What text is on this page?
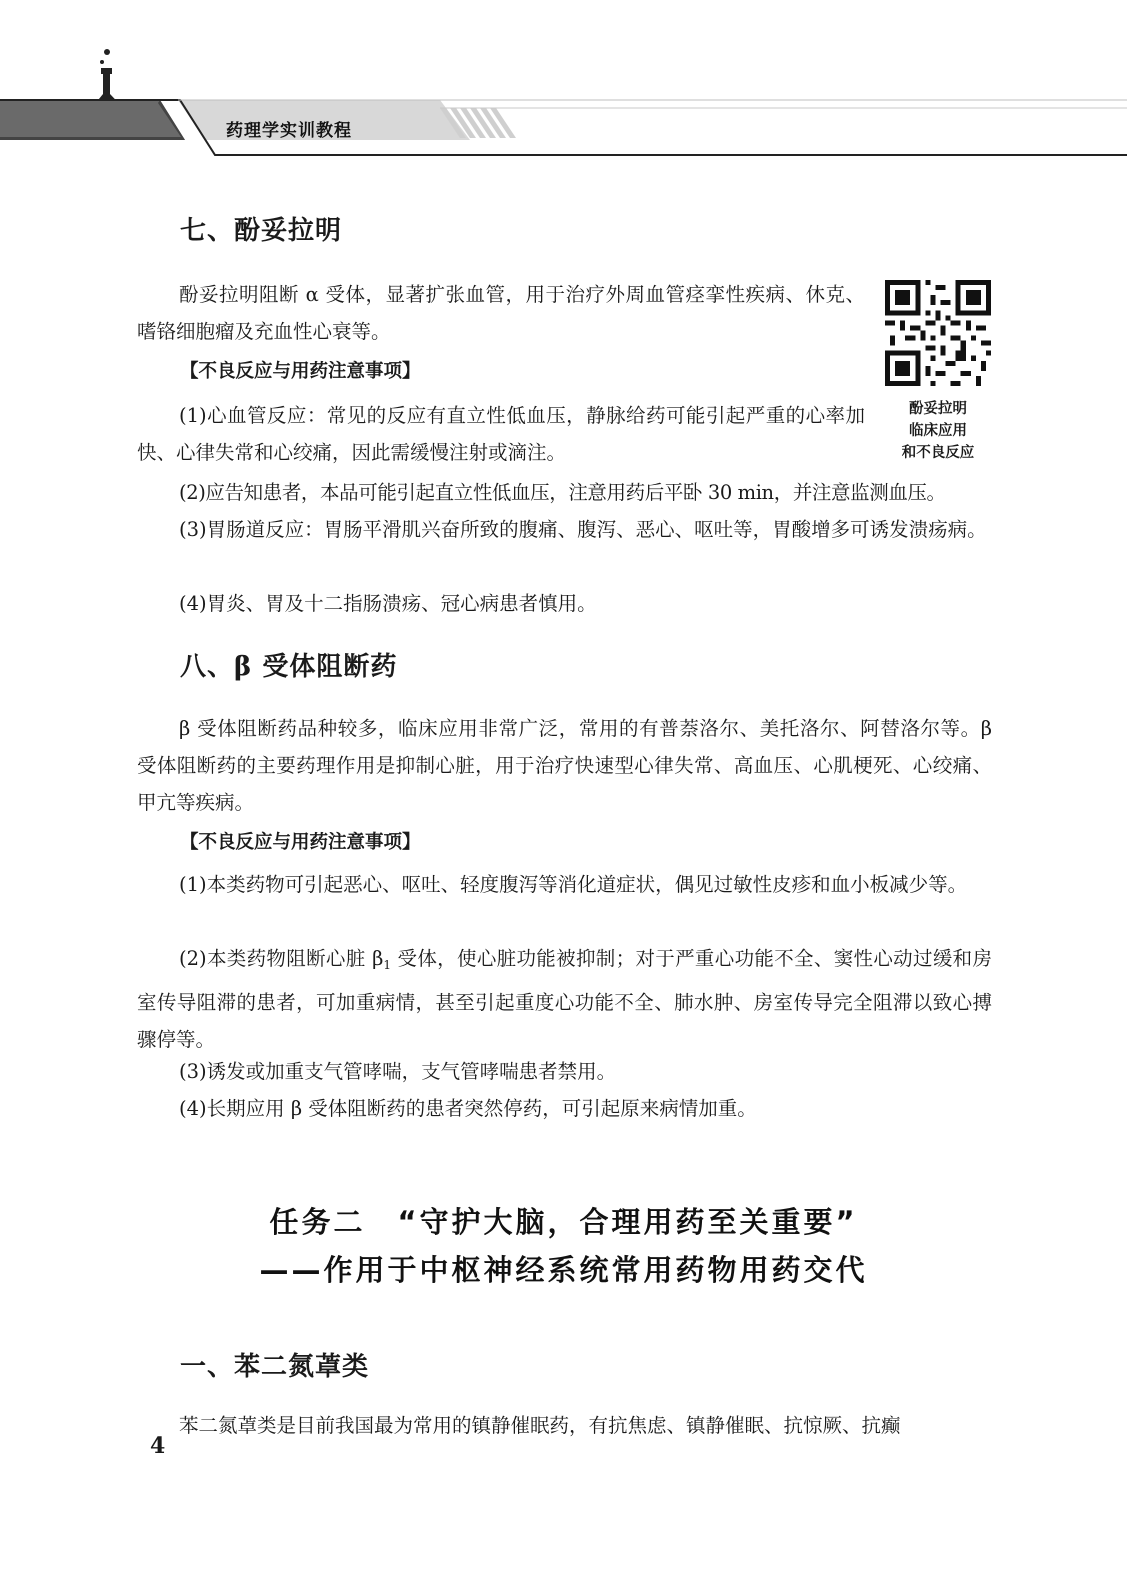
药理学实训教程
七、酚妥拉明
酚妥拉明阻断 α 受体，显著扩张血管，用于治疗外周血管痉挛性疾病、休克、嗜铬细胞瘤及充血性心衰等。
【不良反应与用药注意事项】
(1)心血管反应：常见的反应有直立性低血压，静脉给药可能引起严重的心率加快、心律失常和心绞痛，因此需缓慢注射或滴注。
(2)应告知患者，本品可能引起直立性低血压，注意用药后平卧 30 min，并注意监测血压。
(3)胃肠道反应：胃肠平滑肌兴奋所致的腹痛、腹泻、恶心、呕吐等，胃酸增多可诱发溃疡病。
(4)胃炎、胃及十二指肠溃疡、冠心病患者慎用。
酚妥拉明
临床应用
和不良反应
八、β 受体阻断药
β 受体阻断药品种较多，临床应用非常广泛，常用的有普萘洛尔、美托洛尔、阿替洛尔等。β 受体阻断药的主要药理作用是抑制心脏，用于治疗快速型心律失常、高血压、心肌梗死、心绞痛、甲亢等疾病。
【不良反应与用药注意事项】
(1)本类药物可引起恶心、呕吐、轻度腹泻等消化道症状，偶见过敏性皮疹和血小板减少等。
(2)本类药物阻断心脏 $\beta_1$ 受体，使心脏功能被抑制；对于严重心功能不全、窦性心动过缓和房室传导阻滞的患者，可加重病情，甚至引起重度心功能不全、肺水肿、房室传导完全阻滞以致心搏骤停等。
(3)诱发或加重支气管哮喘，支气管哮喘患者禁用。
(4)长期应用 β 受体阻断药的患者突然停药，可引起原来病情加重。
任务二　“守护大脑，合理用药至关重要”
——作用于中枢神经系统常用药物用药交代
一、苯二氮䓬类
苯二氮䓬类是目前我国最为常用的镇静催眠药，有抗焦虑、镇静催眠、抗惊厥、抗癫
4
